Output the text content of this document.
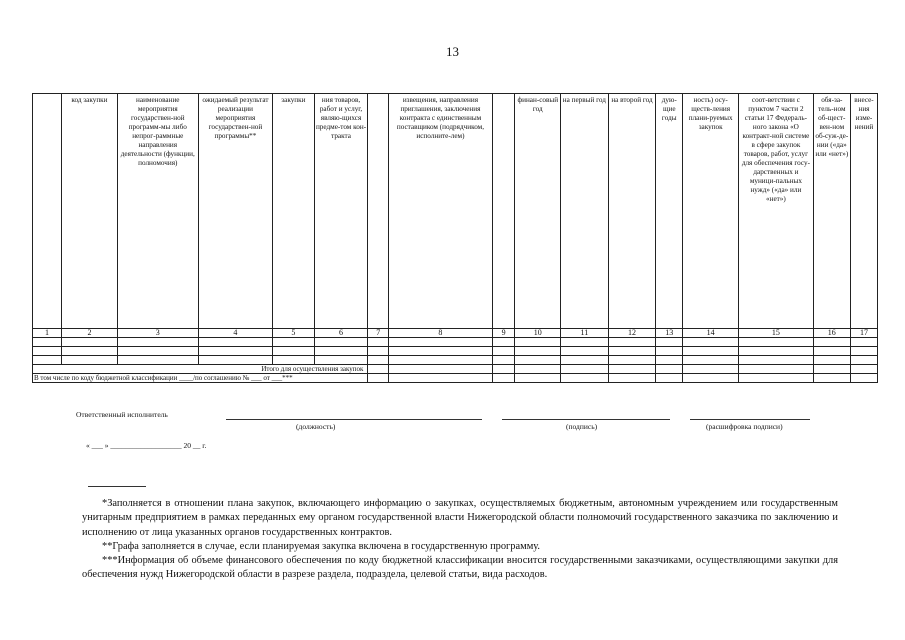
13
	код закупки	наименование мероприятия государствен-ной программ-мы либо непрог-раммные направления деятельности (функции, полномочия)	ожидаемый результат реализации мероприятия государствен-ной программы**	закупки	ния товаров, работ и услуг, являю-щихся предме-том кон-тракта		извещения, направления приглашения, заключения контракта с единственным поставщиком (подрядчиком, исполните-лем)		финан-совый год	на первый год	на второй год	дую-щие годы	ность) осу-ществ-ления плани-руемых закупок	соот-ветствии с пунктом 7 части 2 статьи 17 Федераль-ного закона «О контракт-ной системе в сфере закупок товаров, работ, услуг для обеспечения госу-дарственных и муници-пальных нужд» («да» или «нет»)	обя-за-тель-ном об-щест-вен-ном об-суж-де-нии («да» или «нет»)	внесе-ния изме-нений
1	2	3	4	5	6	7	8	9	10	11	12	13	14	15	16	17

Итого для осуществления закупок																
В том числе по коду бюджетной классификации ____/по соглашению № ___ от ___***																
Ответственный исполнитель
(должность)	(подпись)	(расшифровка подписи)
« ___ » ___________________ 20 __ г.

*Заполняется в отношении плана закупок, включающего информацию о закупках, осуществляемых бюджетным, автономным учреждением или государственным унитарным предприятием в рамках переданных ему органом государственной власти Нижегородской области полномочий государственного заказчика по заключению и исполнению от лица указанных органов государственных контрактов.

**Графа заполняется в случае, если планируемая закупка включена в государственную программу.

***Информация об объеме финансового обеспечения по коду бюджетной классификации вносится государственными заказчиками, осуществляющими закупки для обеспечения нужд Нижегородской области в разрезе раздела, подраздела, целевой статьи, вида расходов.
